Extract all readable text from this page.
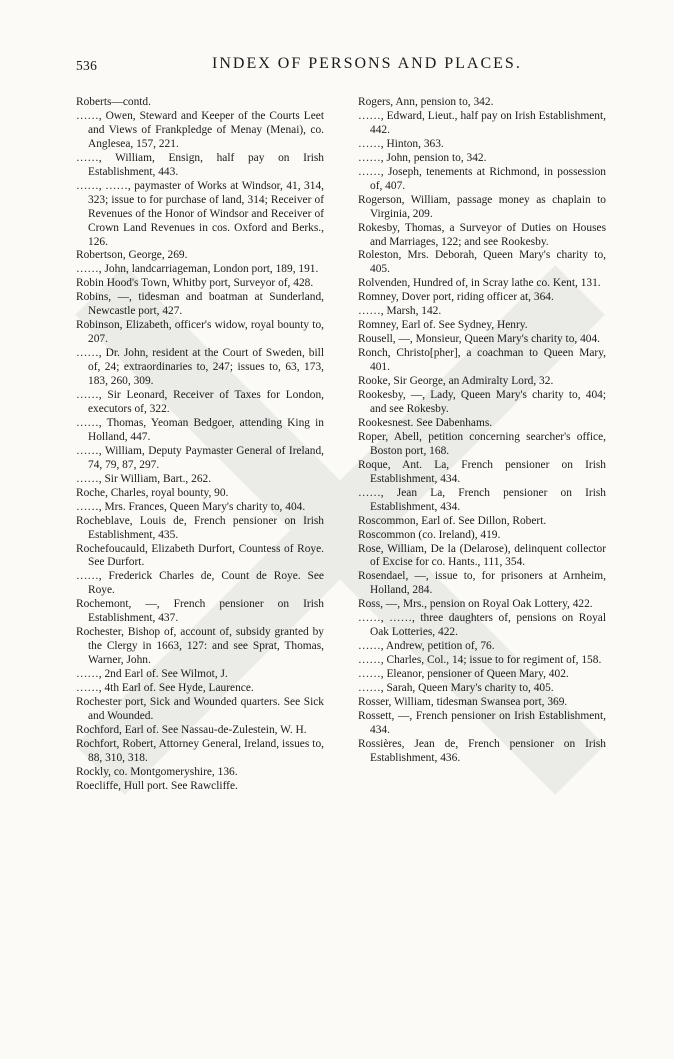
536	INDEX OF PERSONS AND PLACES.

Roberts—contd.

……, Owen, Steward and Keeper of the Courts Leet and Views of Frankpledge of Menay (Menai), co. Anglesea, 157, 221.

……, William, Ensign, half pay on Irish Establishment, 443.

……, ……, paymaster of Works at Windsor, 41, 314, 323; issue to for purchase of land, 314; Receiver of Revenues of the Honor of Windsor and Receiver of Crown Land Revenues in cos. Oxford and Berks., 126.

Robertson, George, 269.

……, John, landcarriageman, London port, 189, 191.

Robin Hood's Town, Whitby port, Surveyor of, 428.

Robins, —, tidesman and boatman at Sunderland, Newcastle port, 427.

Robinson, Elizabeth, officer's widow, royal bounty to, 207.

……, Dr. John, resident at the Court of Sweden, bill of, 24; extraordinaries to, 247; issues to, 63, 173, 183, 260, 309.

……, Sir Leonard, Receiver of Taxes for London, executors of, 322.

……, Thomas, Yeoman Bedgoer, attending King in Holland, 447.

……, William, Deputy Paymaster General of Ireland, 74, 79, 87, 297.

……, Sir William, Bart., 262.

Roche, Charles, royal bounty, 90.

……, Mrs. Frances, Queen Mary's charity to, 404.

Rocheblave, Louis de, French pensioner on Irish Establishment, 435.

Rochefoucauld, Elizabeth Durfort, Countess of Roye. See Durfort.

……, Frederick Charles de, Count de Roye. See Roye.

Rochemont, —, French pensioner on Irish Establishment, 437.

Rochester, Bishop of, account of, subsidy granted by the Clergy in 1663, 127: and see Sprat, Thomas, Warner, John.

……, 2nd Earl of. See Wilmot, J.

……, 4th Earl of. See Hyde, Laurence.

Rochester port, Sick and Wounded quarters. See Sick and Wounded.

Rochford, Earl of. See Nassau-de-Zulestein, W. H.

Rochfort, Robert, Attorney General, Ireland, issues to, 88, 310, 318.

Rockly, co. Montgomeryshire, 136.

Roecliffe, Hull port. See Rawcliffe.

Rogers, Ann, pension to, 342.

……, Edward, Lieut., half pay on Irish Establishment, 442.

……, Hinton, 363.

……, John, pension to, 342.

……, Joseph, tenements at Richmond, in possession of, 407.

Rogerson, William, passage money as chaplain to Virginia, 209.

Rokesby, Thomas, a Surveyor of Duties on Houses and Marriages, 122; and see Rookesby.

Roleston, Mrs. Deborah, Queen Mary's charity to, 405.

Rolvenden, Hundred of, in Scray lathe co. Kent, 131.

Romney, Dover port, riding officer at, 364.

……, Marsh, 142.

Romney, Earl of. See Sydney, Henry.

Rousell, —, Monsieur, Queen Mary's charity to, 404.

Ronch, Christo[pher], a coachman to Queen Mary, 401.

Rooke, Sir George, an Admiralty Lord, 32.

Rookesby, —, Lady, Queen Mary's charity to, 404; and see Rokesby.

Rookesnest. See Dabenhams.

Roper, Abell, petition concerning searcher's office, Boston port, 168.

Roque, Ant. La, French pensioner on Irish Establishment, 434.

……, Jean La, French pensioner on Irish Establishment, 434.

Roscommon, Earl of. See Dillon, Robert.

Roscommon (co. Ireland), 419.

Rose, William, De la (Delarose), delinquent collector of Excise for co. Hants., 111, 354.

Rosendael, —, issue to, for prisoners at Arnheim, Holland, 284.

Ross, —, Mrs., pension on Royal Oak Lottery, 422.

……, ……, three daughters of, pensions on Royal Oak Lotteries, 422.

……, Andrew, petition of, 76.

……, Charles, Col., 14; issue to for regiment of, 158.

……, Eleanor, pensioner of Queen Mary, 402.

……, Sarah, Queen Mary's charity to, 405.

Rosser, William, tidesman Swansea port, 369.

Rossett, —, French pensioner on Irish Establishment, 434.

Rossières, Jean de, French pensioner on Irish Establishment, 436.
